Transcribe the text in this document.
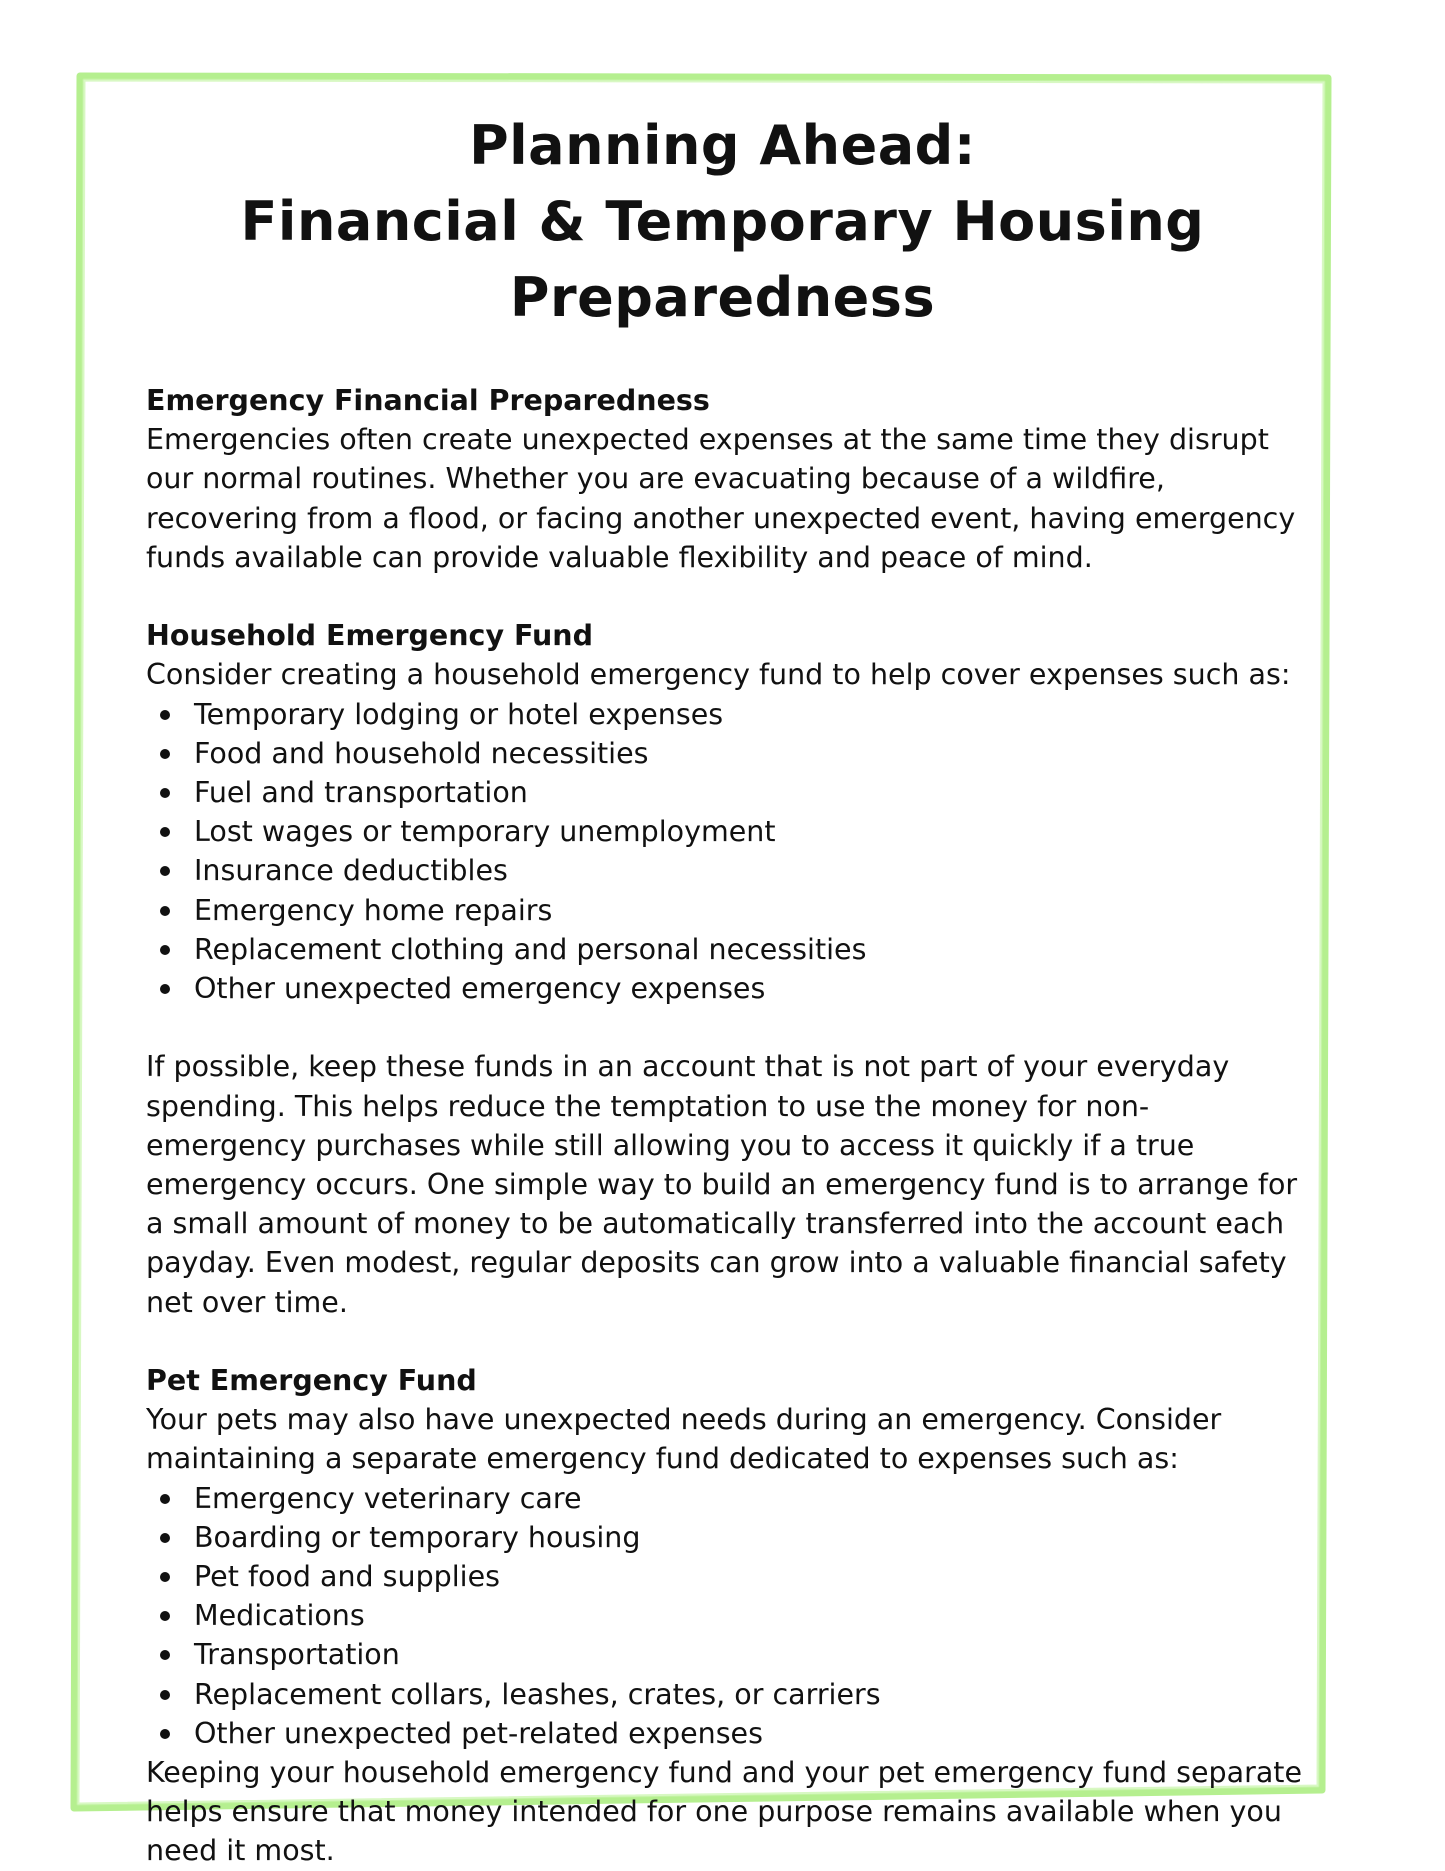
Planning Ahead:
Financial & Temporary Housing
Preparedness

Emergency Financial Preparedness

Emergencies often create unexpected expenses at the same time they disrupt our normal routines. Whether you are evacuating because of a wildfire, recovering from a flood, or facing another unexpected event, having emergency funds available can provide valuable flexibility and peace of mind.

Household Emergency Fund

Consider creating a household emergency fund to help cover expenses such as:

Temporary lodging or hotel expenses
Food and household necessities
Fuel and transportation
Lost wages or temporary unemployment
Insurance deductibles
Emergency home repairs
Replacement clothing and personal necessities
Other unexpected emergency expenses

If possible, keep these funds in an account that is not part of your everyday spending. This helps reduce the temptation to use the money for non-emergency purchases while still allowing you to access it quickly if a true emergency occurs. One simple way to build an emergency fund is to arrange for a small amount of money to be automatically transferred into the account each payday. Even modest, regular deposits can grow into a valuable financial safety net over time.

Pet Emergency Fund

Your pets may also have unexpected needs during an emergency. Consider maintaining a separate emergency fund dedicated to expenses such as:

Emergency veterinary care
Boarding or temporary housing
Pet food and supplies
Medications
Transportation
Replacement collars, leashes, crates, or carriers
Other unexpected pet-related expenses

Keeping your household emergency fund and your pet emergency fund separate helps ensure that money intended for one purpose remains available when you need it most.
